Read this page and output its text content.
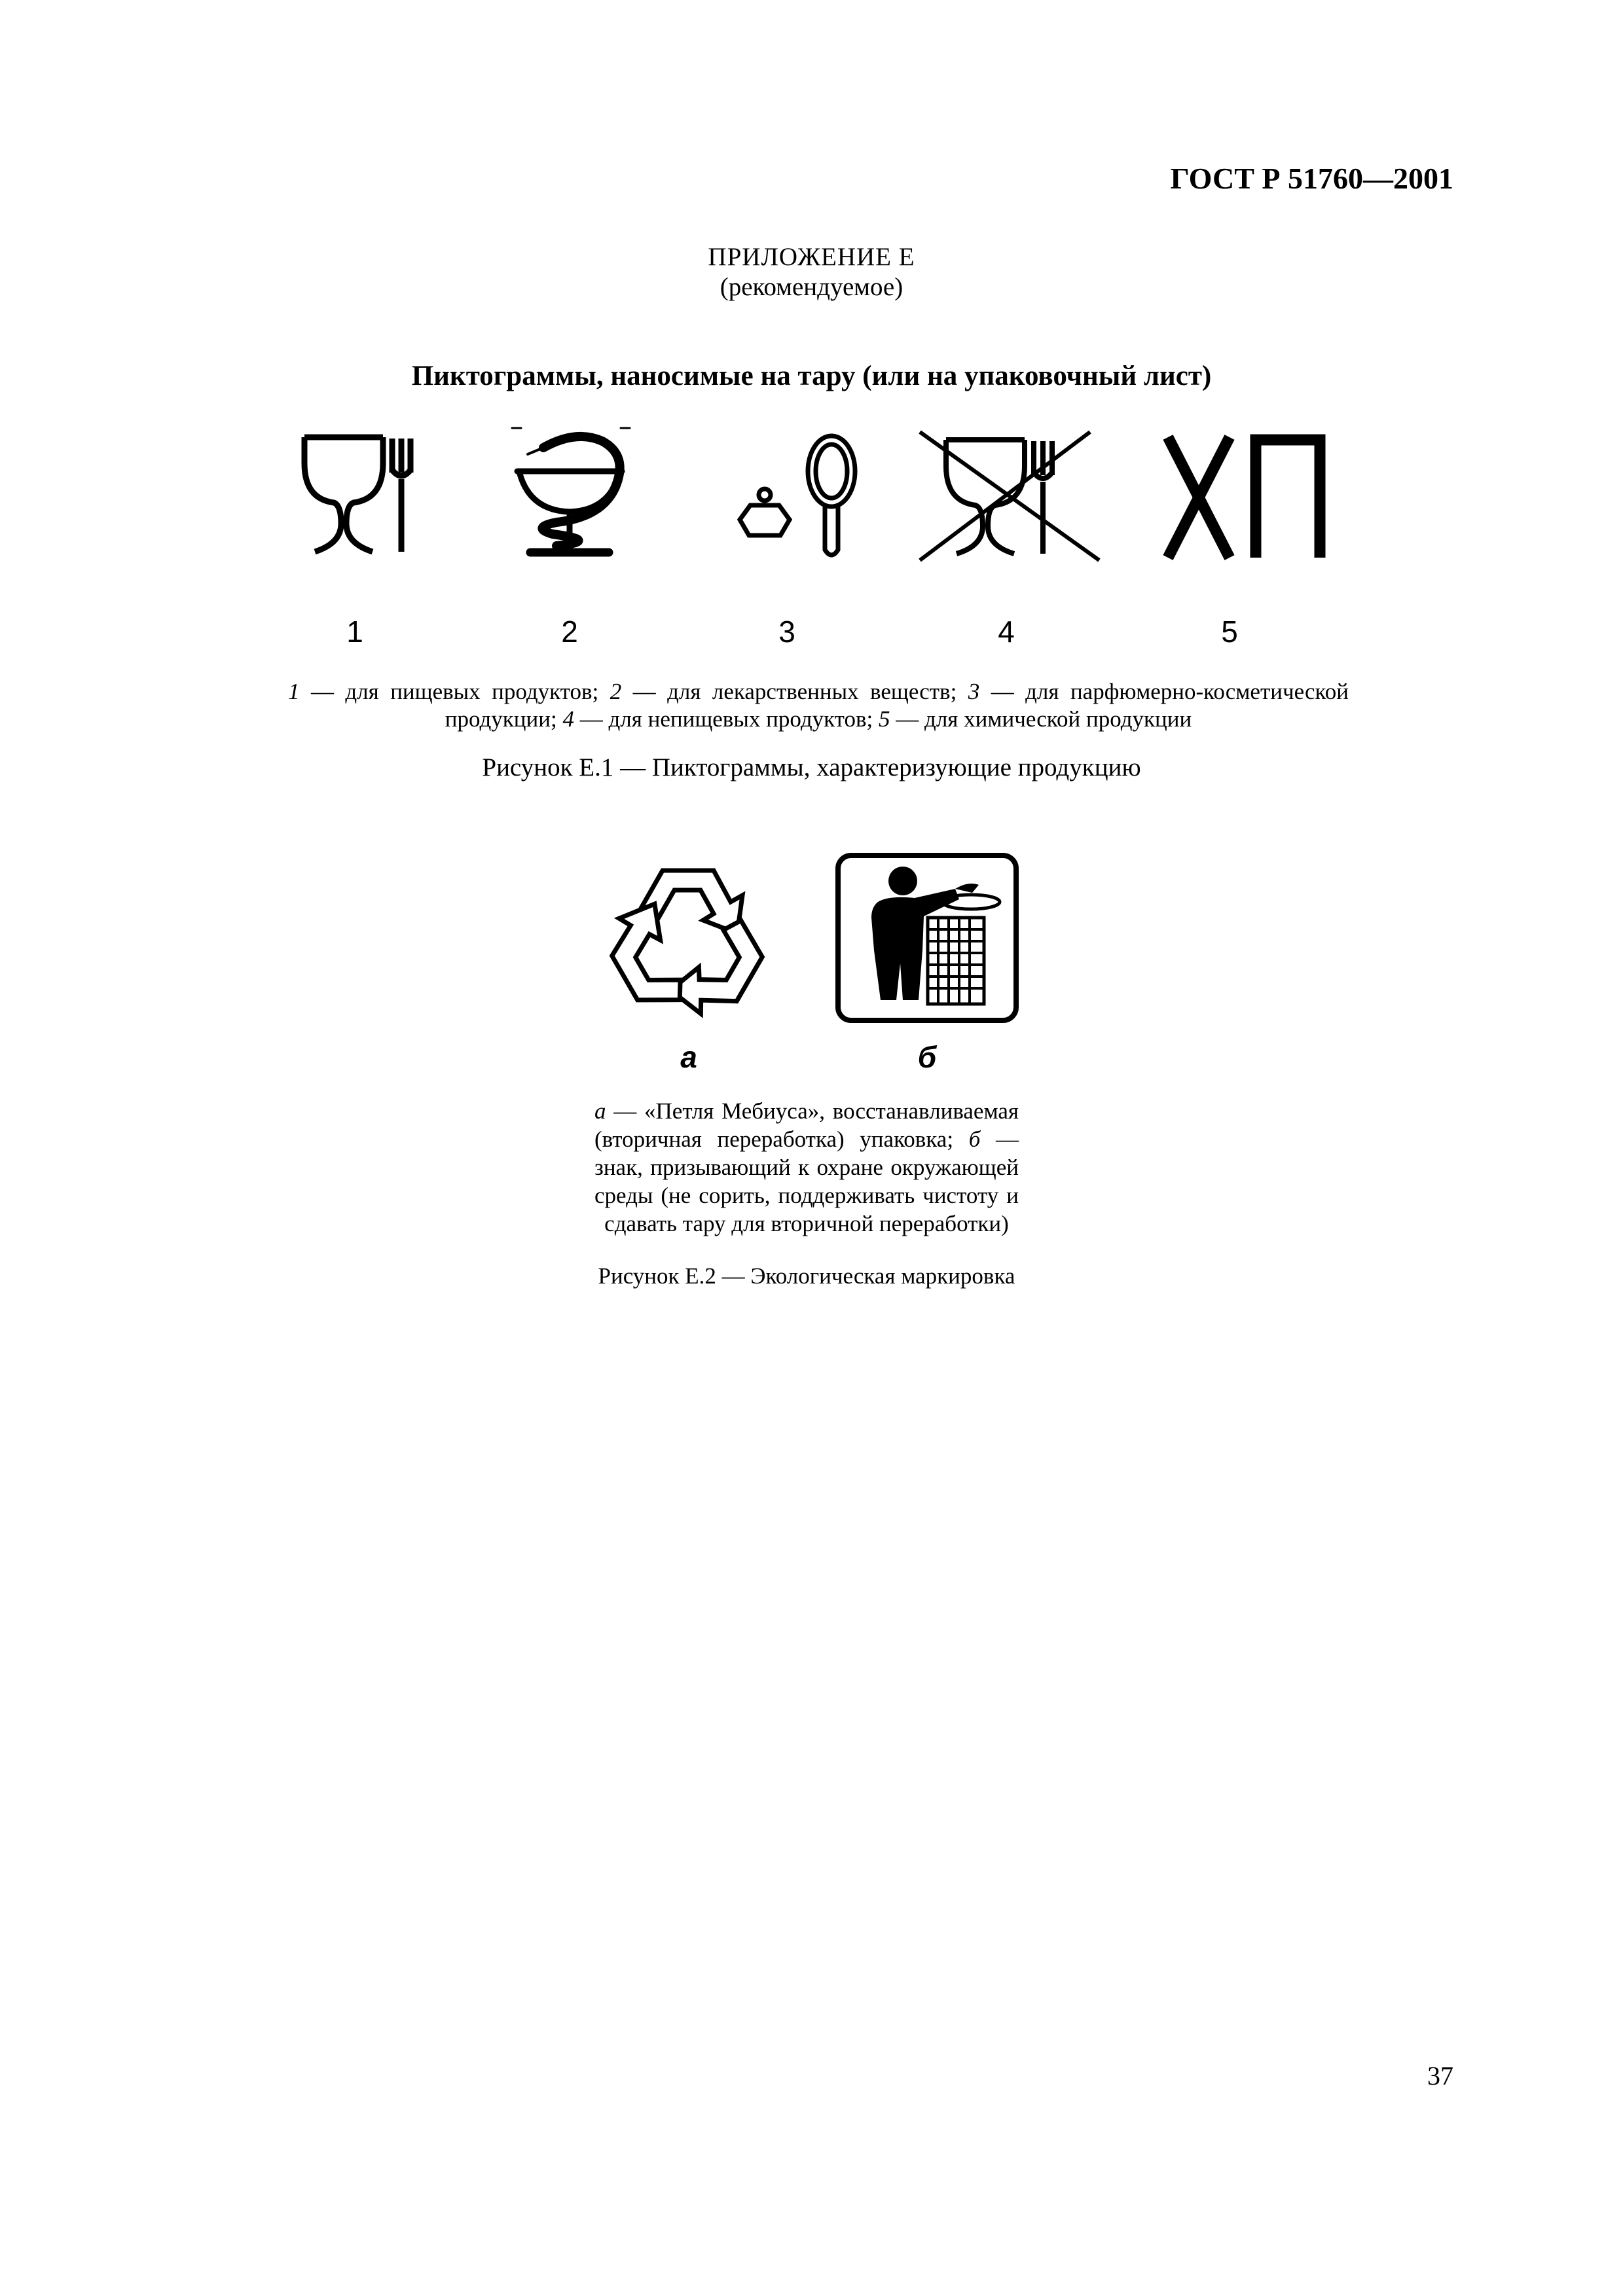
ГОСТ Р 51760—2001
ПРИЛОЖЕНИЕ Е
(рекомендуемое)
Пиктограммы, наносимые на тару (или на упаковочный лист)
1	2	3	4	5
1 — для пищевых продуктов; 2 — для лекарственных веществ; 3 — для парфюмерно-косметической продукции; 4 — для непищевых продуктов; 5 — для химической продукции
Рисунок Е.1 — Пиктограммы, характеризующие продукцию
а	б
а — «Петля Мебиуса», восстанавливаемая (вторичная переработка) упаковка; б — знак, призывающий к охране окружающей среды (не сорить, поддерживать чистоту и сдавать тару для вторичной переработки)
Рисунок Е.2 — Экологическая маркировка
37
